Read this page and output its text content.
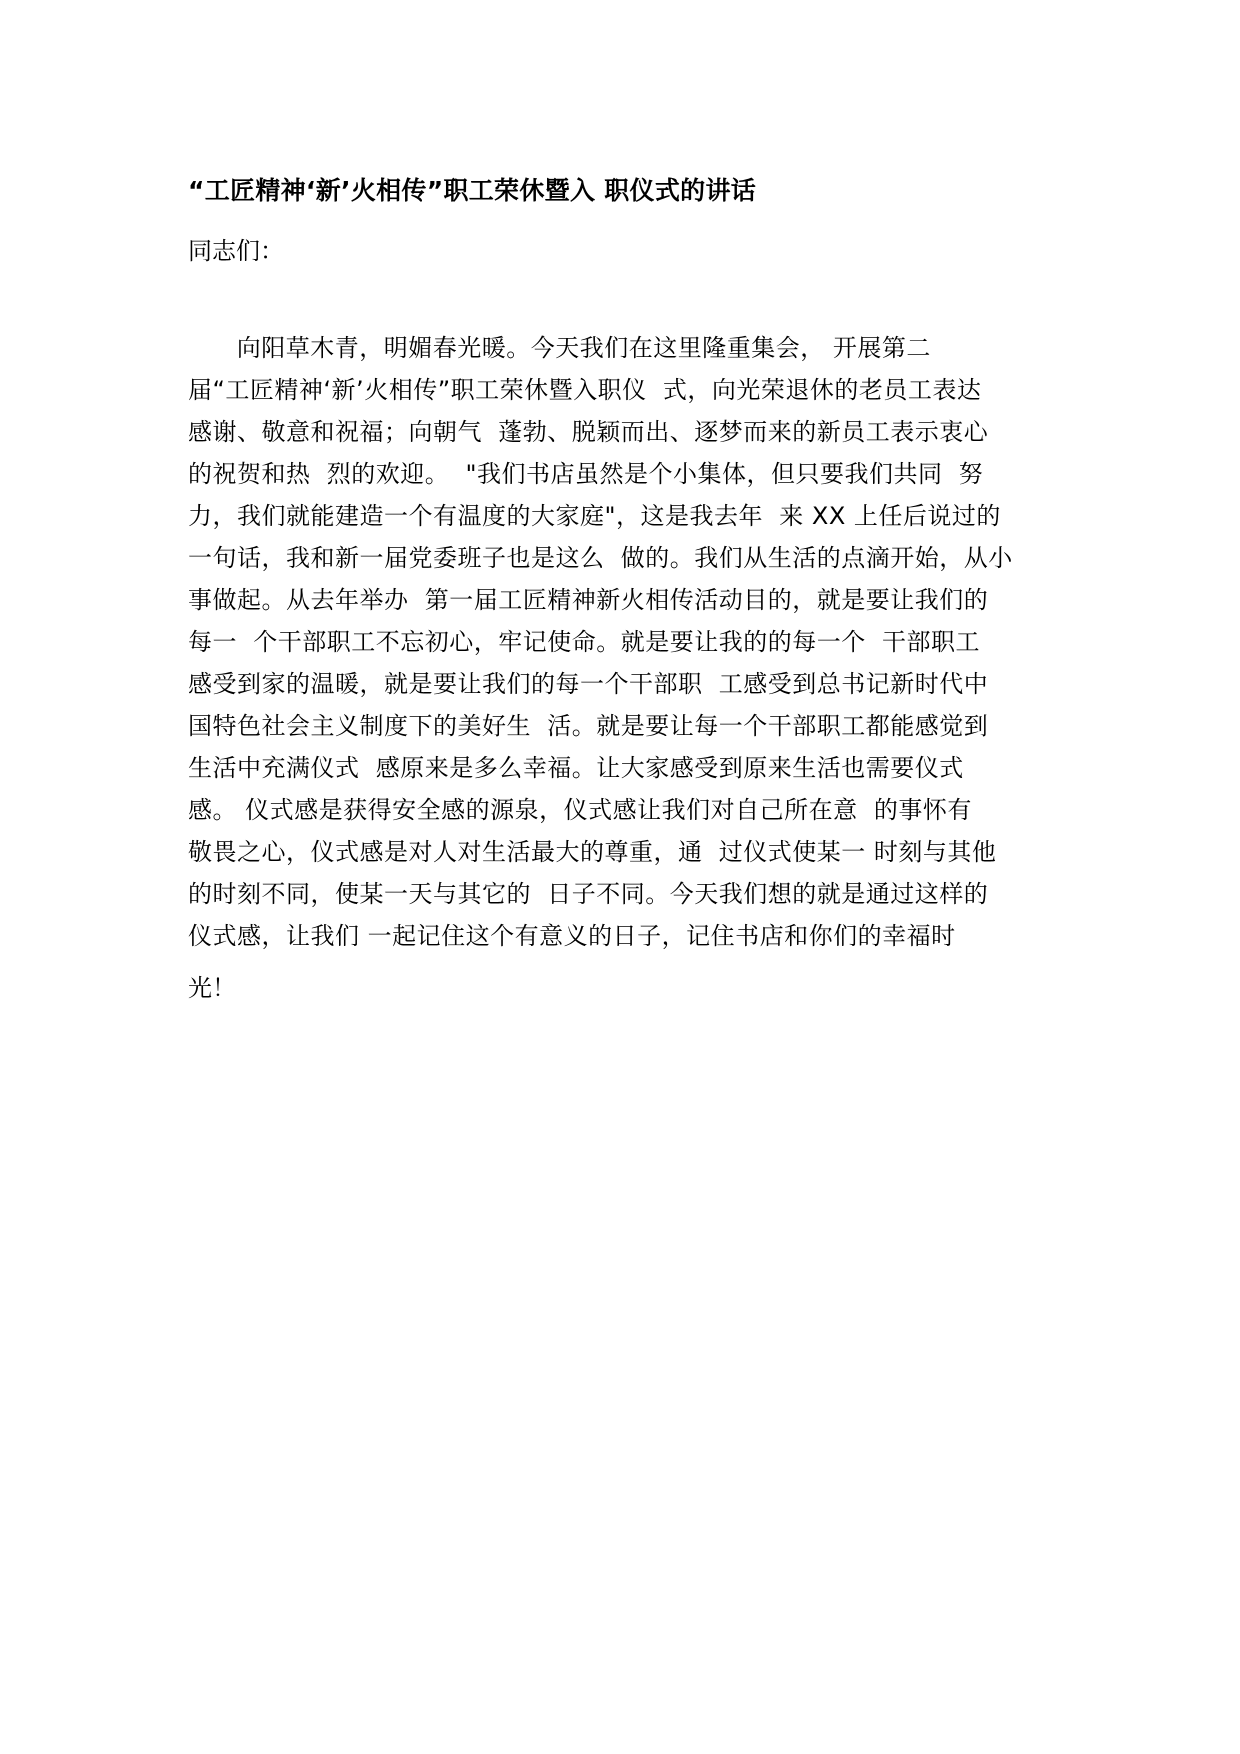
“工匠精神‘新’火相传”职工荣休暨入 职仪式的讲话
同志们：
向阳草木青，明媚春光暖。今天我们在这里隆重集会， 开展第二
届“工匠精神‘新’火相传”职工荣休暨入职仪  式，向光荣退休的老员工表达
感谢、敬意和祝福；向朝气  蓬勃、脱颖而出、逐梦而来的新员工表示衷心
的祝贺和热  烈的欢迎。  "我们书店虽然是个小集体，但只要我们共同  努
力，我们就能建造一个有温度的大家庭"，这是我去年  来 XX 上任后说过的
一句话，我和新一届党委班子也是这么  做的。我们从生活的点滴开始，从小
事做起。从去年举办  第一届工匠精神新火相传活动目的，就是要让我们的
每一  个干部职工不忘初心，牢记使命。就是要让我的的每一个  干部职工
感受到家的温暖，就是要让我们的每一个干部职  工感受到总书记新时代中
国特色社会主义制度下的美好生  活。就是要让每一个干部职工都能感觉到
生活中充满仪式  感原来是多么幸福。让大家感受到原来生活也需要仪式
感。 仪式感是获得安全感的源泉，仪式感让我们对自己所在意  的事怀有
敬畏之心，仪式感是对人对生活最大的尊重，通  过仪式使某一 时刻与其他
的时刻不同，使某一天与其它的  日子不同。今天我们想的就是通过这样的
仪式感，让我们 一起记住这个有意义的日子，记住书店和你们的幸福时
光！
